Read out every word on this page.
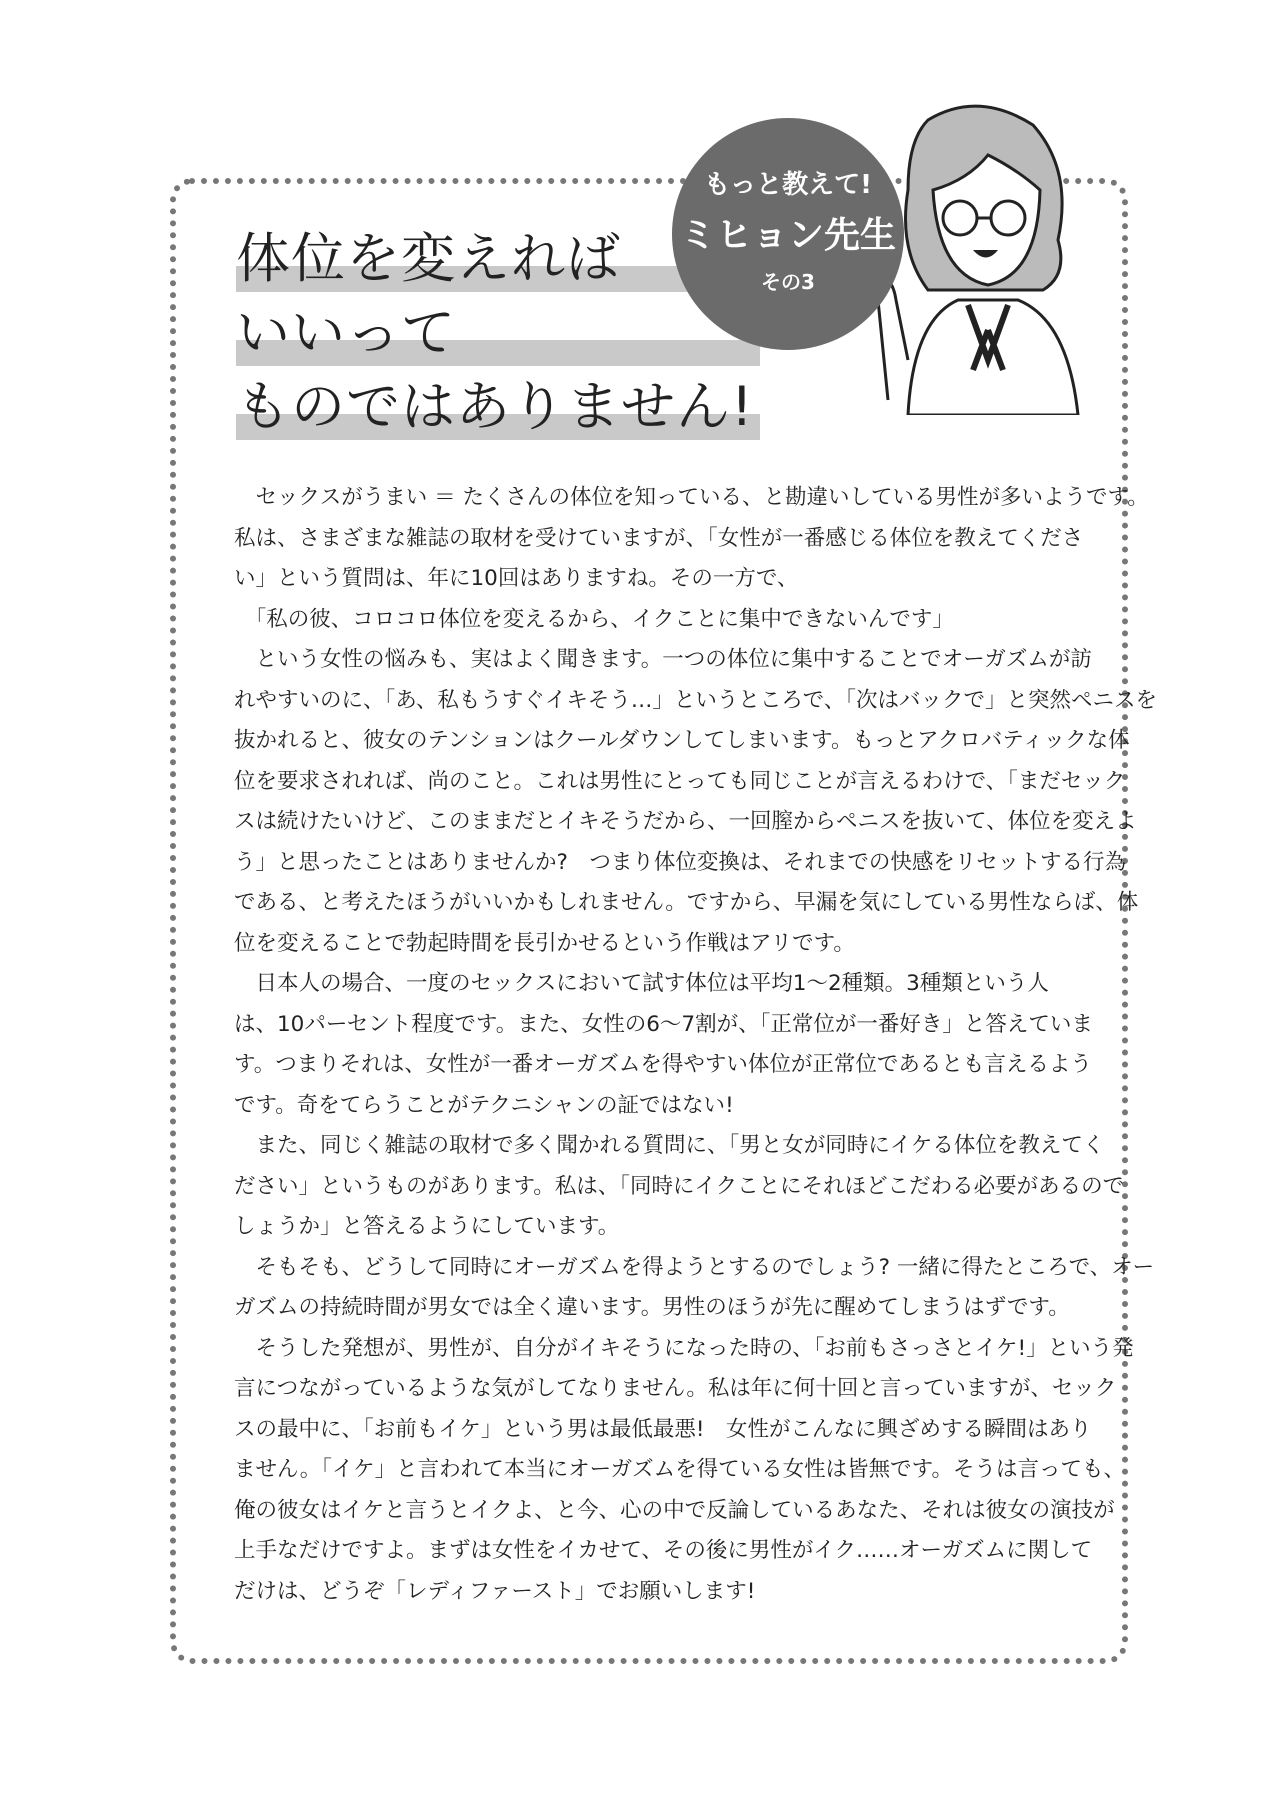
体位を変えれば
いいって
ものではありません!
もっと教えて!
ミヒョン先生
その3
　セックスがうまい ＝ たくさんの体位を知っている、と勘違いしている男性が多いようです。
私は、さまざまな雑誌の取材を受けていますが、「女性が一番感じる体位を教えてくださ
い」という質問は、年に10回はありますね。その一方で、
　「私の彼、コロコロ体位を変えるから、イクことに集中できないんです」
　という女性の悩みも、実はよく聞きます。一つの体位に集中することでオーガズムが訪
れやすいのに、「あ、私もうすぐイキそう…」というところで、「次はバックで」と突然ペニスを
抜かれると、彼女のテンションはクールダウンしてしまいます。もっとアクロバティックな体
位を要求されれば、尚のこと。これは男性にとっても同じことが言えるわけで、「まだセック
スは続けたいけど、このままだとイキそうだから、一回膣からペニスを抜いて、体位を変えよ
う」と思ったことはありませんか?　つまり体位変換は、それまでの快感をリセットする行為
である、と考えたほうがいいかもしれません。ですから、早漏を気にしている男性ならば、体
位を変えることで勃起時間を長引かせるという作戦はアリです。
　日本人の場合、一度のセックスにおいて試す体位は平均1～2種類。3種類という人
は、10パーセント程度です。また、女性の6～7割が、「正常位が一番好き」と答えていま
す。つまりそれは、女性が一番オーガズムを得やすい体位が正常位であるとも言えるよう
です。奇をてらうことがテクニシャンの証ではない!
　また、同じく雑誌の取材で多く聞かれる質問に、「男と女が同時にイケる体位を教えてく
ださい」というものがあります。私は、「同時にイクことにそれほどこだわる必要があるので
しょうか」と答えるようにしています。
　そもそも、どうして同時にオーガズムを得ようとするのでしょう? 一緒に得たところで、オー
ガズムの持続時間が男女では全く違います。男性のほうが先に醒めてしまうはずです。
　そうした発想が、男性が、自分がイキそうになった時の、「お前もさっさとイケ!」という発
言につながっているような気がしてなりません。私は年に何十回と言っていますが、セック
スの最中に、「お前もイケ」という男は最低最悪!　女性がこんなに興ざめする瞬間はあり
ません。「イケ」と言われて本当にオーガズムを得ている女性は皆無です。そうは言っても、
俺の彼女はイケと言うとイクよ、と今、心の中で反論しているあなた、それは彼女の演技が
上手なだけですよ。まずは女性をイカせて、その後に男性がイク……オーガズムに関して
だけは、どうぞ「レディファースト」でお願いします!
